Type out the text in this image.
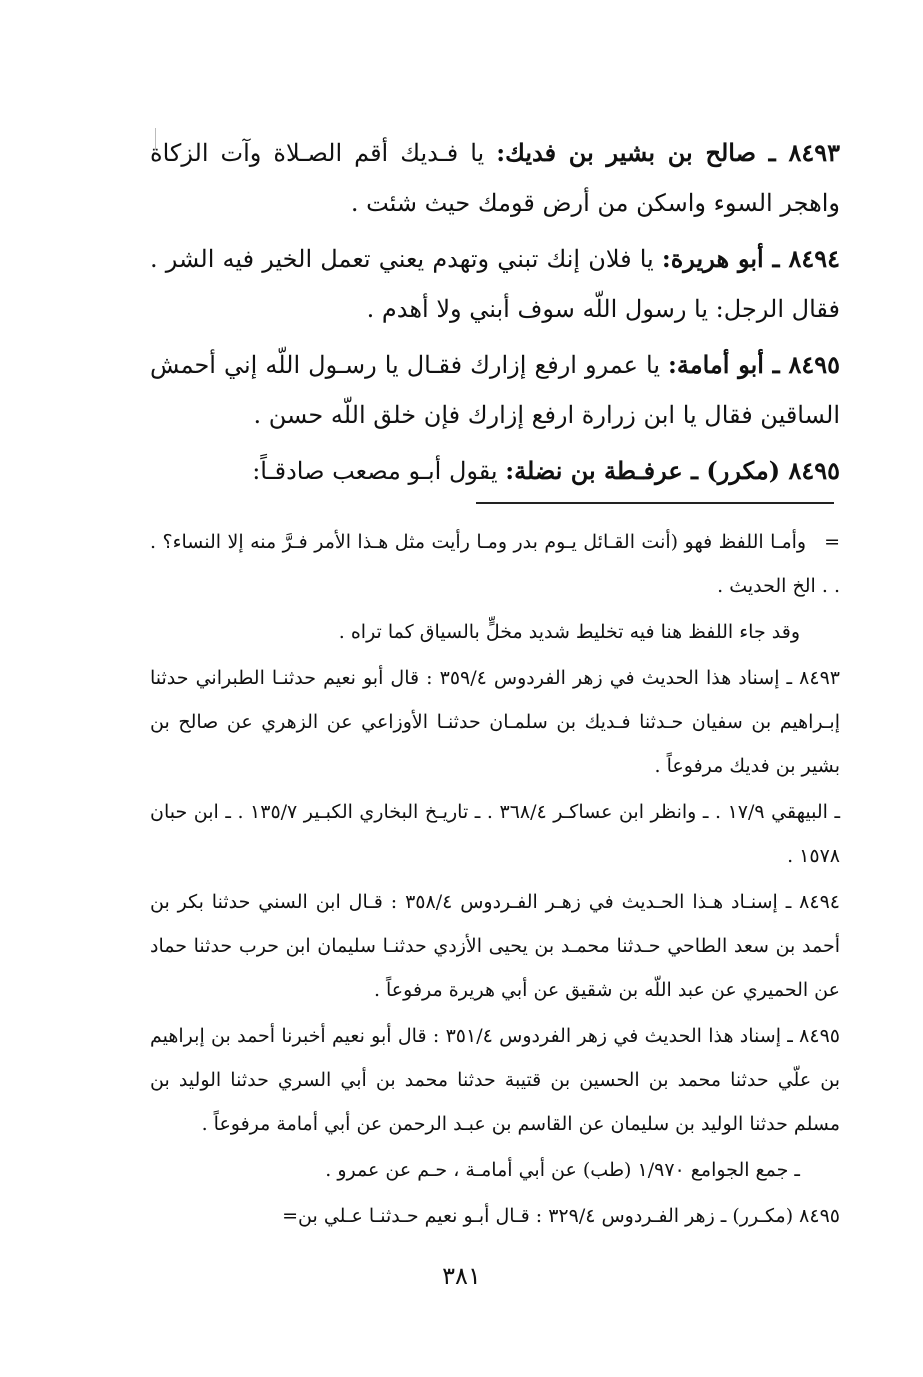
٨٤٩٣ ـ صالح بن بشير بن فديك: يا فـديك أقم الصـلاة وآت الزكاة واهجر السوء واسكن من أرض قومك حيث شئت .

٨٤٩٤ ـ أبو هريرة: يا فلان إنك تبني وتهدم يعني تعمل الخير فيه الشر . فقال الرجل: يا رسول اللّه سوف أبني ولا أهدم .

٨٤٩٥ ـ أبو أمامة: يا عمرو ارفع إزارك فقـال يا رسـول اللّه إني أحمش الساقين فقال يا ابن زرارة ارفع إزارك فإن خلق اللّه حسن .

٨٤٩٥ (مكرر) ـ عرفـطة بن نضلة: يقول أبـو مصعب صادقـاً:

=وأمـا اللفظ فهو (أنت القـائل يـوم بدر ومـا رأيت مثل هـذا الأمر فـرَّ منه إلا النساء؟ . . . الخ الحديث .

وقد جاء اللفظ هنا فيه تخليط شديد مخلٍّ بالسياق كما تراه .

٨٤٩٣ ـ إسناد هذا الحديث في زهر الفردوس ٣٥٩/٤ : قال أبو نعيم حدثنـا الطبراني حدثنا إبـراهيم بن سفيان حـدثنا فـديك بن سلمـان حدثنـا الأوزاعي عن الزهري عن صالح بن بشير بن فديك مرفوعاً .

ـ البيهقي ١٧/٩ . ـ وانظر ابن عساكـر ٣٦٨/٤ . ـ تاريـخ البخاري الكبـير ١٣٥/٧ . ـ ابن حبان ١٥٧٨ .

٨٤٩٤ ـ إسنـاد هـذا الحـديث في زهـر الفـردوس ٣٥٨/٤ : قـال ابن السني حدثنا بكر بن أحمد بن سعد الطاحي حـدثنا محمـد بن يحيى الأزدي حدثنـا سليمان ابن حرب حدثنا حماد عن الحميري عن عبد اللّه بن شقيق عن أبي هريرة مرفوعاً .

٨٤٩٥ ـ إسناد هذا الحديث في زهر الفردوس ٣٥١/٤ : قال أبو نعيم أخبرنا أحمد بن إبراهيم بن علّي حدثنا محمد بن الحسين بن قتيبة حدثنا محمد بن أبي السري حدثنا الوليد بن مسلم حدثنا الوليد بن سليمان عن القاسم بن عبـد الرحمن عن أبي أمامة مرفوعاً .

ـ جمع الجوامع ١/٩٧٠ (طب) عن أبي أمامـة ، حـم عن عمرو .

٨٤٩٥ (مكـرر) ـ زهر الفـردوس ٣٢٩/٤ : قـال أبـو نعيم حـدثنـا عـلي بن=

٣٨١
